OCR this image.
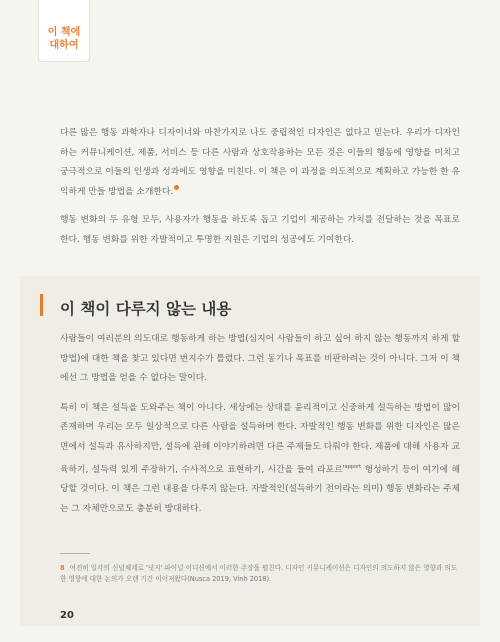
이 책에
대하여

다른 많은 행동 과학자나 디자이너와 마찬가지로 나도 중립적인 디자인은 없다고 믿는다. 우리가 디자인하는 커뮤니케이션, 제품, 서비스 등 다른 사람과 상호작용하는 모든 것은 이들의 행동에 영향을 미치고 궁극적으로 이들의 인생과 성과에도 영향을 미친다. 이 책은 이 과정을 의도적으로 계획하고 가능한 한 유익하게 만들 방법을 소개한다.

행동 변화의 두 유형 모두, 사용자가 행동을 하도록 돕고 기업이 제공하는 가치를 전달하는 것을 목표로 한다. 행동 변화를 위한 자발적이고 투명한 지원은 기업의 성공에도 기여한다.

이 책이 다루지 않는 내용

사람들이 여러분의 의도대로 행동하게 하는 방법(심지어 사람들이 하고 싶어 하지 않는 행동까지 하게 할 방법)에 대한 책을 찾고 있다면 번지수가 틀렸다. 그런 동기나 목표를 비판하려는 것이 아니다. 그저 이 책에선 그 방법을 얻을 수 없다는 말이다.

특히 이 책은 설득을 도와주는 책이 아니다. 세상에는 상대를 윤리적이고 신중하게 설득하는 방법이 많이 존재하며 우리는 모두 일상적으로 다른 사람을 설득하며 한다. 자발적인 행동 변화를 위한 디자인은 많은 면에서 설득과 유사하지만, 설득에 관해 이야기하려면 다른 주제들도 다뤄야 한다. 제품에 대해 사용자 교육하기, 설득력 있게 주장하기, 수사적으로 표현하기, 시간을 들여 라포르$^{rapport}$ 형성하기 등이 여기에 해당할 것이다. 이 책은 그런 내용을 다루지 않는다. 자발적인(설득하기 전이라는 의미) 행동 변화라는 주제는 그 자체만으로도 충분히 방대하다.

8 여전히 일각의 신념체계로 '넛지' 파이널 어디션에서 이러한 주장을 펼친다. 디자인 커뮤니케이션은 디자인의 의도하지 않은 영향과 의도한 영향에 대한 논의가 오랜 기간 이어져왔다(Nusca 2019, Vinh 2018).
20
